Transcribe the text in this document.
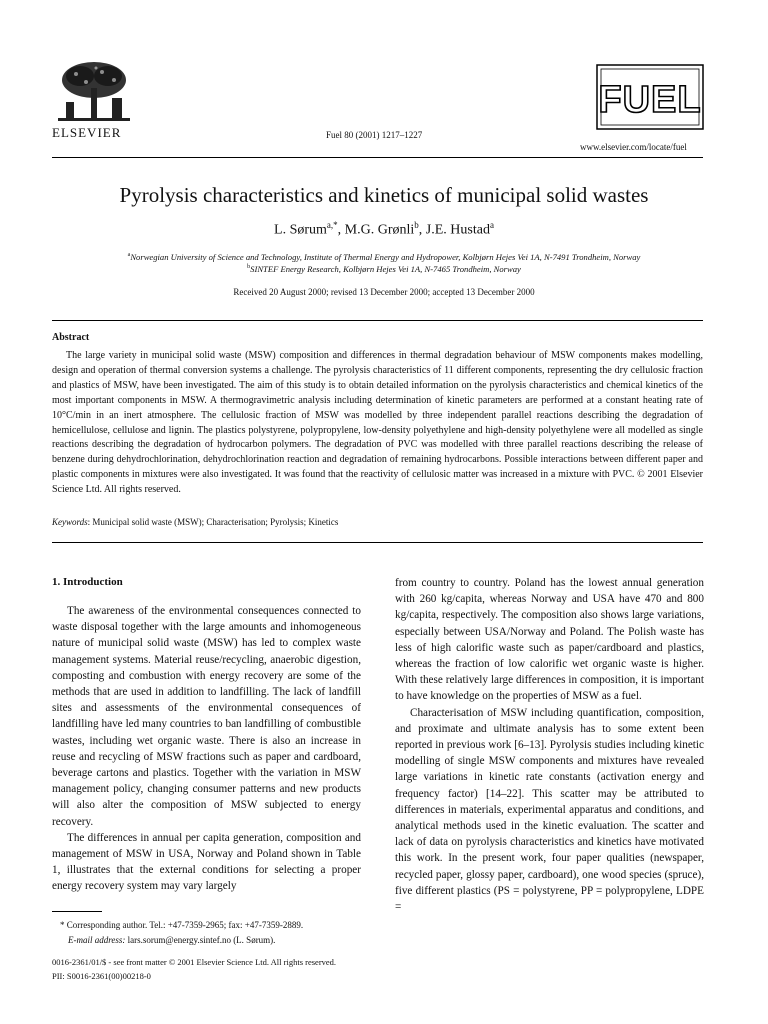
ELSEVIER	Fuel 80 (2001) 1217–1227
FUEL
www.elsevier.com/locate/fuel
Pyrolysis characteristics and kinetics of municipal solid wastes
L. Sørum$^{a,*}$, M.G. Grønli$^b$, J.E. Hustad$^a$
$^a$Norwegian University of Science and Technology, Institute of Thermal Energy and Hydropower, Kolbjørn Hejes Vei 1A, N-7491 Trondheim, Norway
$^b$SINTEF Energy Research, Kolbjørn Hejes Vei 1A, N-7465 Trondheim, Norway
Received 20 August 2000; revised 13 December 2000; accepted 13 December 2000
Abstract
The large variety in municipal solid waste (MSW) composition and differences in thermal degradation behaviour of MSW components makes modelling, design and operation of thermal conversion systems a challenge. The pyrolysis characteristics of 11 different components, representing the dry cellulosic fraction and plastics of MSW, have been investigated. The aim of this study is to obtain detailed information on the pyrolysis characteristics and chemical kinetics of the most important components in MSW. A thermogravimetric analysis including determination of kinetic parameters are performed at a constant heating rate of 10°C/min in an inert atmosphere. The cellulosic fraction of MSW was modelled by three independent parallel reactions describing the degradation of hemicellulose, cellulose and lignin. The plastics polystyrene, polypropylene, low-density polyethylene and high-density polyethylene were all modelled as single reactions describing the degradation of hydrocarbon polymers. The degradation of PVC was modelled with three parallel reactions describing the release of benzene during dehydrochlorination, dehydrochlorination reaction and degradation of remaining hydrocarbons. Possible interactions between different paper and plastic components in mixtures were also investigated. It was found that the reactivity of cellulosic matter was increased in a mixture with PVC. © 2001 Elsevier Science Ltd. All rights reserved.
Keywords: Municipal solid waste (MSW); Characterisation; Pyrolysis; Kinetics
1. Introduction

The awareness of the environmental consequences connected to waste disposal together with the large amounts and inhomogeneous nature of municipal solid waste (MSW) has led to complex waste management systems. Material reuse/recycling, anaerobic digestion, composting and combustion with energy recovery are some of the methods that are used in addition to landfilling. The lack of landfill sites and assessments of the environmental consequences of landfilling have led many countries to ban landfilling of combustible wastes, including wet organic waste. There is also an increase in reuse and recycling of MSW fractions such as paper and cardboard, beverage cartons and plastics. Together with the variation in MSW management policy, changing consumer patterns and new products will also alter the composition of MSW subjected to energy recovery.

The differences in annual per capita generation, composition and management of MSW in USA, Norway and Poland shown in Table 1, illustrates that the external conditions for selecting a proper energy recovery system may vary largely

from country to country. Poland has the lowest annual generation with 260 kg/capita, whereas Norway and USA have 470 and 800 kg/capita, respectively. The composition also shows large variations, especially between USA/Norway and Poland. The Polish waste has less of high calorific waste such as paper/cardboard and plastics, whereas the fraction of low calorific wet organic waste is higher. With these relatively large differences in composition, it is important to have knowledge on the properties of MSW as a fuel.

Characterisation of MSW including quantification, composition, and proximate and ultimate analysis has to some extent been reported in previous work [6–13]. Pyrolysis studies including kinetic modelling of single MSW components and mixtures have revealed large variations in kinetic rate constants (activation energy and frequency factor) [14–22]. This scatter may be attributed to differences in materials, experimental apparatus and conditions, and analytical methods used in the kinetic evaluation. The scatter and lack of data on pyrolysis characteristics and kinetics have motivated this work. In the present work, four paper qualities (newspaper, recycled paper, glossy paper, cardboard), one wood species (spruce), five different plastics (PS = polystyrene, PP = polypropylene, LDPE =

* Corresponding author. Tel.: +47-7359-2965; fax: +47-7359-2889.
E-mail address: lars.sorum@energy.sintef.no (L. Sørum).
0016-2361/01/$ - see front matter © 2001 Elsevier Science Ltd. All rights reserved.
PII: S0016-2361(00)00218-0
